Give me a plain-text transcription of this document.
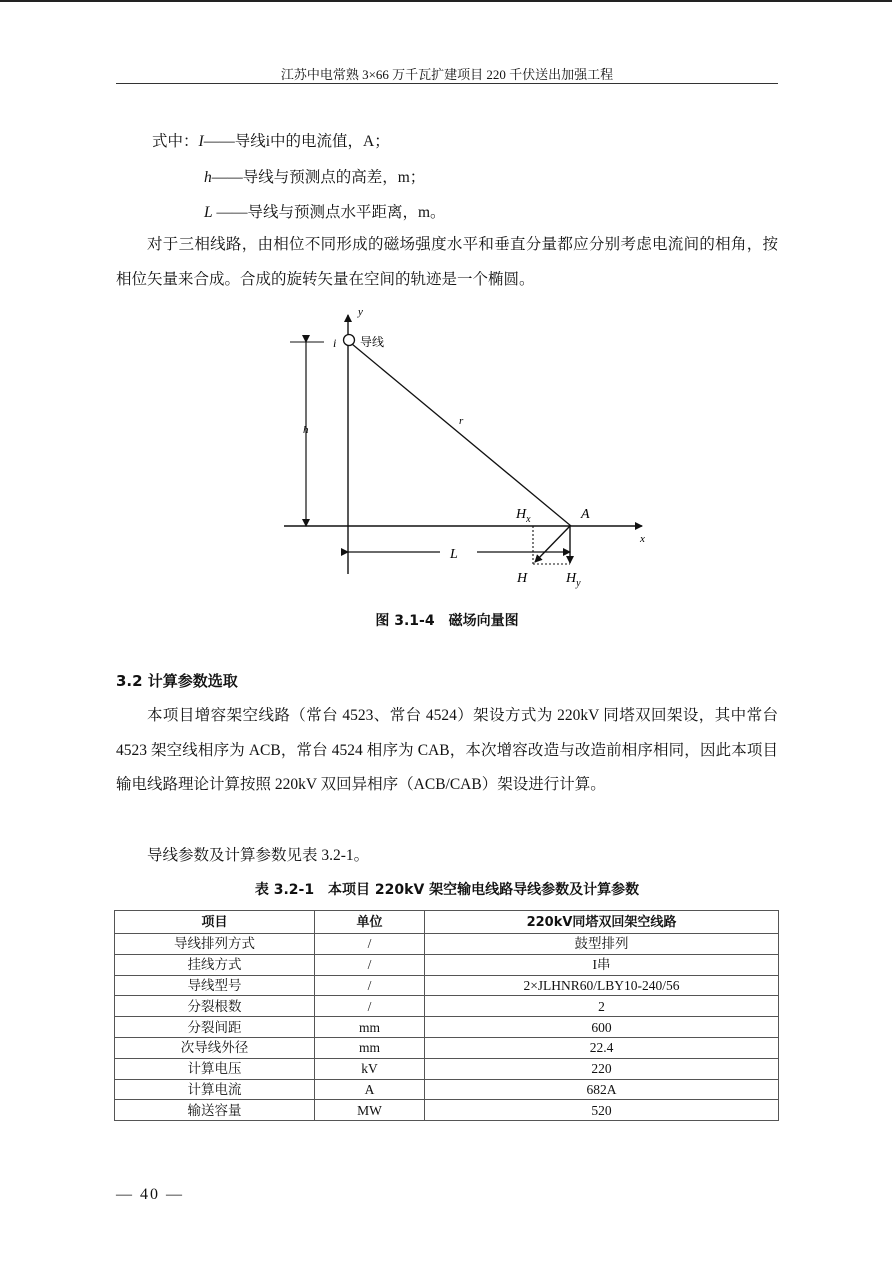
江苏中电常熟 3×66 万千瓦扩建项目 220 千伏送出加强工程
式中：I——导线i中的电流值，A；
h——导线与预测点的高差，m；
L ——导线与预测点水平距离，m。
对于三相线路，由相位不同形成的磁场强度水平和垂直分量都应分别考虑电流间的相角，按相位矢量来合成。合成的旋转矢量在空间的轨迹是一个椭圆。
y
x
i 导线
r
h
L
A
$H_x$
H	$H_y$
图 3.1-4　磁场向量图
3.2 计算参数选取
本项目增容架空线路（常台 4523、常台 4524）架设方式为 220kV 同塔双回架设，其中常台 4523 架空线相序为 ACB，常台 4524 相序为 CAB，本次增容改造与改造前相序相同，因此本项目输电线路理论计算按照 220kV 双回异相序（ACB/CAB）架设进行计算。
导线参数及计算参数见表 3.2-1。
表 3.2-1　本项目 220kV 架空输电线路导线参数及计算参数
项目	单位	220kV同塔双回架空线路
导线排列方式	/	鼓型排列
挂线方式	/	I串
导线型号	/	2×JLHNR60/LBY10-240/56
分裂根数	/	2
分裂间距	mm	600
次导线外径	mm	22.4
计算电压	kV	220
计算电流	A	682A
输送容量	MW	520
— 40 —
